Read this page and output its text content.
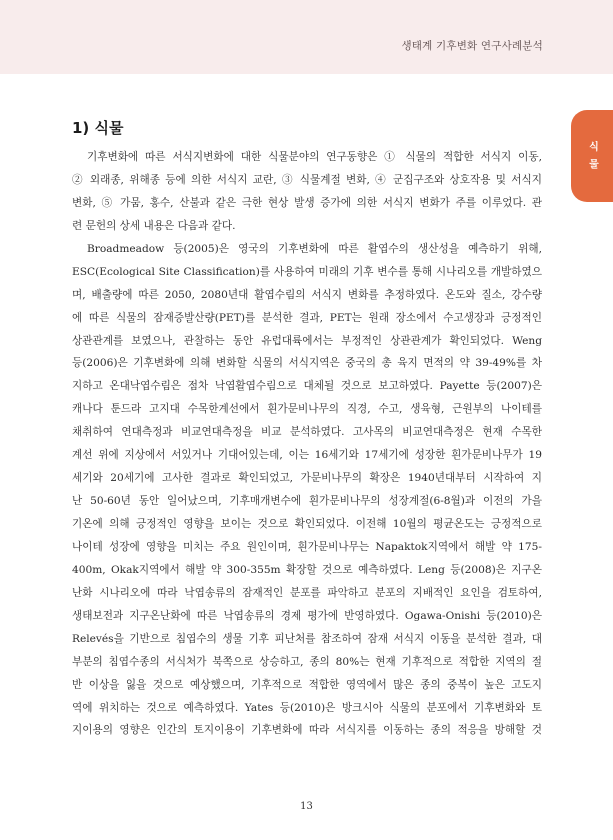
생태계 기후변화 연구사례분석
식 물
1) 식물
기후변화에 따른 서식지변화에 대한 식물분야의 연구동향은 ① 식물의 적합한 서식지 이동,
② 외래종, 위해종 등에 의한 서식지 교란, ③ 식물계절 변화, ④ 군집구조와 상호작용 및 서식지
변화, ⑤ 가뭄, 홍수, 산불과 같은 극한 현상 발생 증가에 의한 서식지 변화가 주를 이루었다. 관
련 문헌의 상세 내용은 다음과 같다.
Broadmeadow 등(2005)은 영국의 기후변화에 따른 활엽수의 생산성을 예측하기 위해,
ESC(Ecological Site Classification)를 사용하여 미래의 기후 변수를 통해 시나리오를 개발하였으
며, 배출량에 따른 2050, 2080년대 활엽수림의 서식지 변화를 추정하였다. 온도와 질소, 강수량
에 따른 식물의 잠재증발산량(PET)를 분석한 결과, PET는 원래 장소에서 수고생장과 긍정적인
상관관계를 보였으나, 관찰하는 동안 유럽대륙에서는 부정적인 상관관계가 확인되었다. Weng
등(2006)은 기후변화에 의해 변화할 식물의 서식지역은 중국의 총 육지 면적의 약 39-49%를 차
지하고 온대낙엽수림은 점차 낙엽활엽수림으로 대체될 것으로 보고하였다. Payette 등(2007)은
캐나다 툰드라 고지대 수목한계선에서 흰가문비나무의 직경, 수고, 생육형, 근원부의 나이테를
채취하여 연대측정과 비교연대측정을 비교 분석하였다. 고사목의 비교연대측정은 현재 수목한
계선 위에 지상에서 서있거나 기대어있는데, 이는 16세기와 17세기에 성장한 흰가문비나무가 19
세기와 20세기에 고사한 결과로 확인되었고, 가문비나무의 확장은 1940년대부터 시작하여 지
난 50-60년 동안 일어났으며, 기후매개변수에 흰가문비나무의 성장계절(6-8월)과 이전의 가을
기온에 의해 긍정적인 영향을 보이는 것으로 확인되었다. 이전해 10월의 평균온도는 긍정적으로
나이테 성장에 영향을 미치는 주요 원인이며, 흰가문비나무는 Napaktok지역에서 해발 약 175-
400m, Okak지역에서 해발 약 300-355m 확장할 것으로 예측하였다. Leng 등(2008)은 지구온
난화 시나리오에 따라 낙엽송류의 잠재적인 분포를 파악하고 분포의 지배적인 요인을 검토하여,
생태보전과 지구온난화에 따른 낙엽송류의 경제 평가에 반영하였다. Ogawa-Onishi 등(2010)은
Relevés을 기반으로 침엽수의 생물 기후 피난처를 참조하여 잠재 서식지 이동을 분석한 결과, 대
부분의 침엽수종의 서식처가 북쪽으로 상승하고, 종의 80%는 현재 기후적으로 적합한 지역의 절
반 이상을 잃을 것으로 예상했으며, 기후적으로 적합한 영역에서 많은 종의 중복이 높은 고도지
역에 위치하는 것으로 예측하였다. Yates 등(2010)은 방크시아 식물의 분포에서 기후변화와 토
지이용의 영향은 인간의 토지이용이 기후변화에 따라 서식지를 이동하는 종의 적응을 방해할 것
13
